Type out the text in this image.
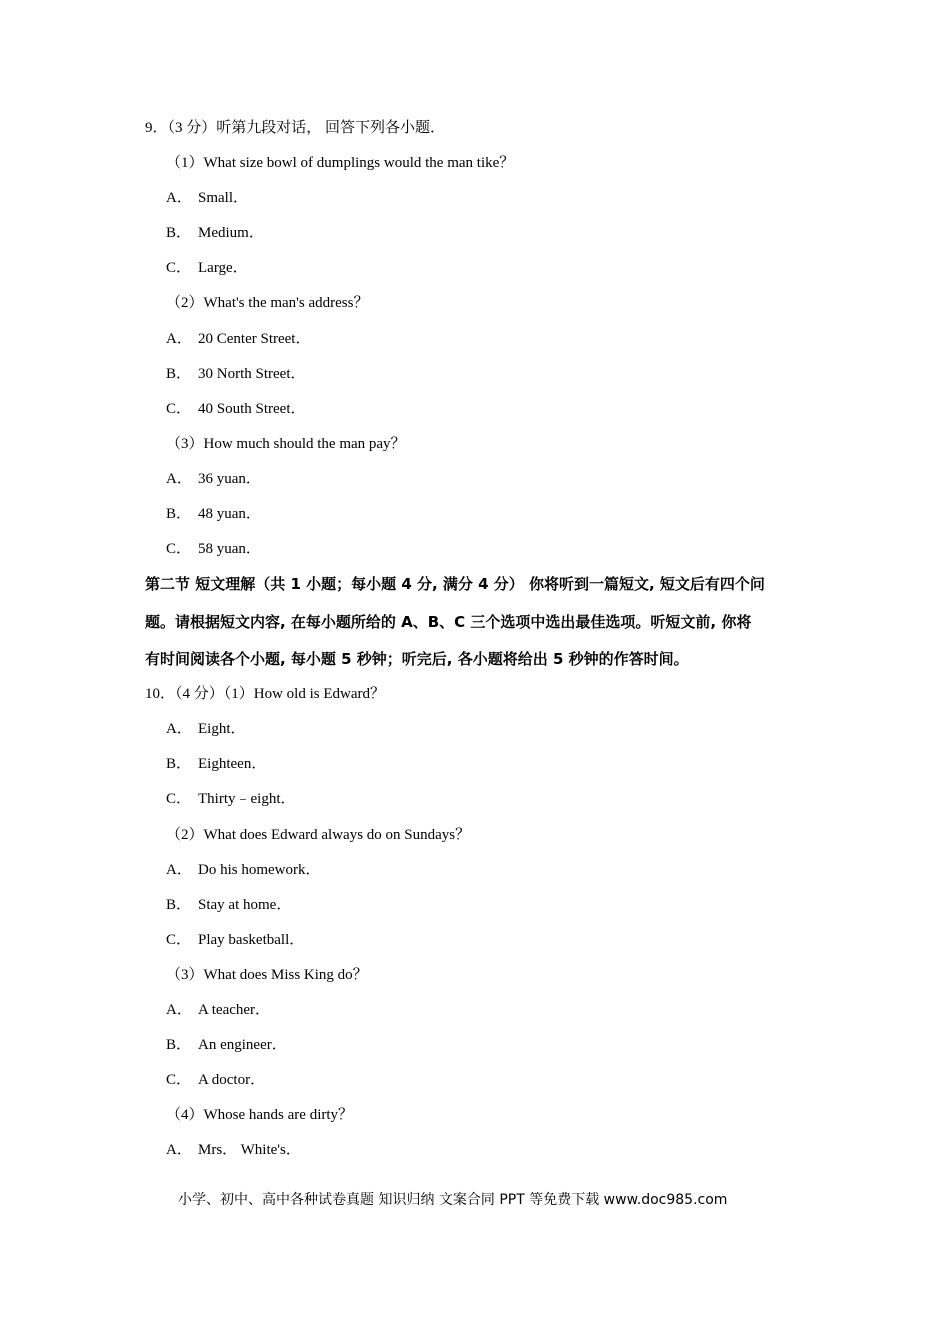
9．（3 分）听第九段对话， 回答下列各小题．
（1）What size bowl of dumplings would the man tike？
A． Small．
B． Medium．
C． Large．
（2）What's the man's address？
A． 20 Center Street．
B． 30 North Street．
C． 40 South Street．
（3）How much should the man pay？
A． 36 yuan．
B． 48 yuan．
C． 58 yuan．
第二节 短文理解（共 1 小题；每小题 4 分, 满分 4 分） 你将听到一篇短文, 短文后有四个问
题。请根据短文内容, 在每小题所给的 A、B、C 三个选项中选出最佳选项。听短文前, 你将
有时间阅读各个小题, 每小题 5 秒钟；听完后, 各小题将给出 5 秒钟的作答时间。
10．（4 分）（1）How old is Edward？
A． Eight．
B． Eighteen．
C． Thirty﹣eight．
（2）What does Edward always do on Sundays？
A． Do his homework．
B． Stay at home．
C． Play basketball．
（3）What does Miss King do？
A． A teacher．
B． An engineer．
C． A doctor．
（4）Whose hands are dirty？
A． Mrs． White's．
小学、初中、高中各种试卷真题 知识归纳 文案合同 PPT 等免费下载 www.doc985.com
